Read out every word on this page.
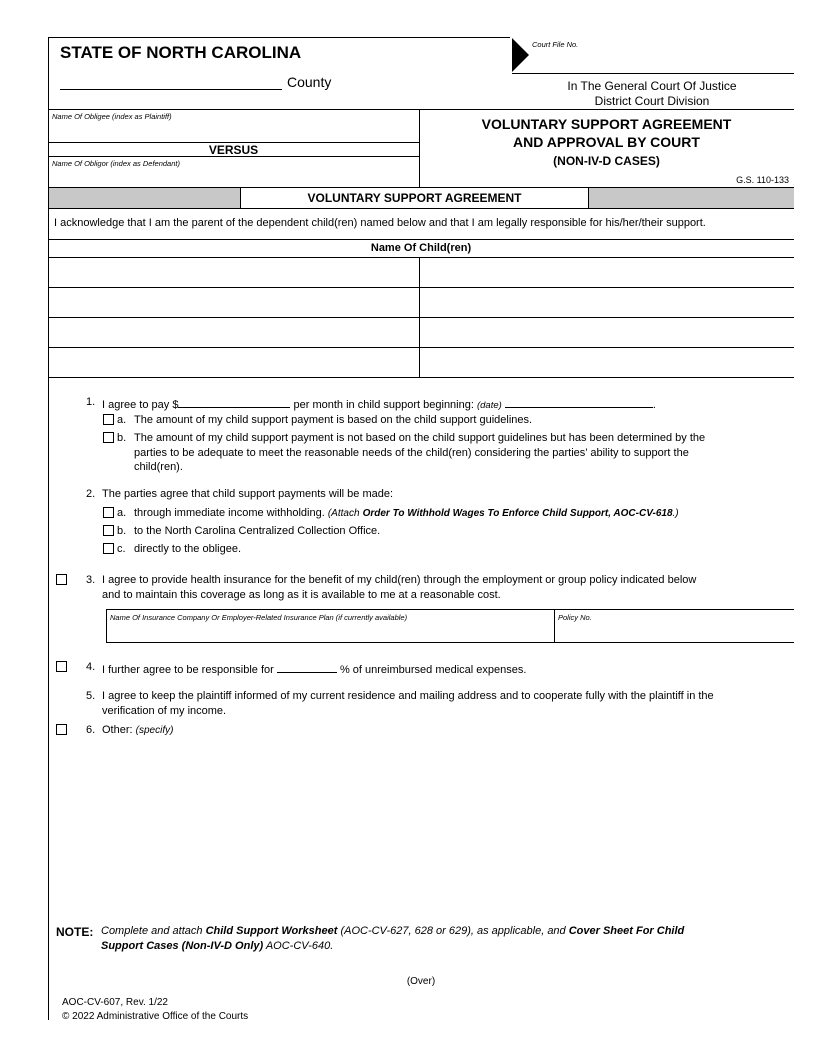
STATE OF NORTH CAROLINA
County
Court File No.
In The General Court Of Justice
District Court Division
Name Of Obligee (index as Plaintiff)
VERSUS
Name Of Obligor (index as Defendant)
VOLUNTARY SUPPORT AGREEMENT
AND APPROVAL BY COURT
(NON-IV-D CASES)
G.S. 110-133
VOLUNTARY SUPPORT AGREEMENT
I acknowledge that I am the parent of the dependent child(ren) named below and that I am legally responsible for his/her/their support.
Name Of Child(ren)
1. I agree to pay $	per month in child support beginning: (date)	.
a. The amount of my child support payment is based on the child support guidelines.
b. The amount of my child support payment is not based on the child support guidelines but has been determined by the
parties to be adequate to meet the reasonable needs of the child(ren) considering the parties’ ability to support the
child(ren).
2. The parties agree that child support payments will be made:
a. through immediate income withholding. (Attach Order To Withhold Wages To Enforce Child Support, AOC-CV-618.)
b. to the North Carolina Centralized Collection Office.
c. directly to the obligee.
3. I agree to provide health insurance for the benefit of my child(ren) through the employment or group policy indicated below
and to maintain this coverage as long as it is available to me at a reasonable cost.
Name Of Insurance Company Or Employer-Related Insurance Plan (if currently available)	Policy No.
4. I further agree to be responsible for	% of unreimbursed medical expenses.
5. I agree to keep the plaintiff informed of my current residence and mailing address and to cooperate fully with the plaintiff in the
verification of my income.
6. Other: (specify)
NOTE: Complete and attach Child Support Worksheet (AOC-CV-627, 628 or 629), as applicable, and Cover Sheet For Child
Support Cases (Non-IV-D Only) AOC-CV-640.
(Over)
AOC-CV-607, Rev. 1/22
© 2022 Administrative Office of the Courts
